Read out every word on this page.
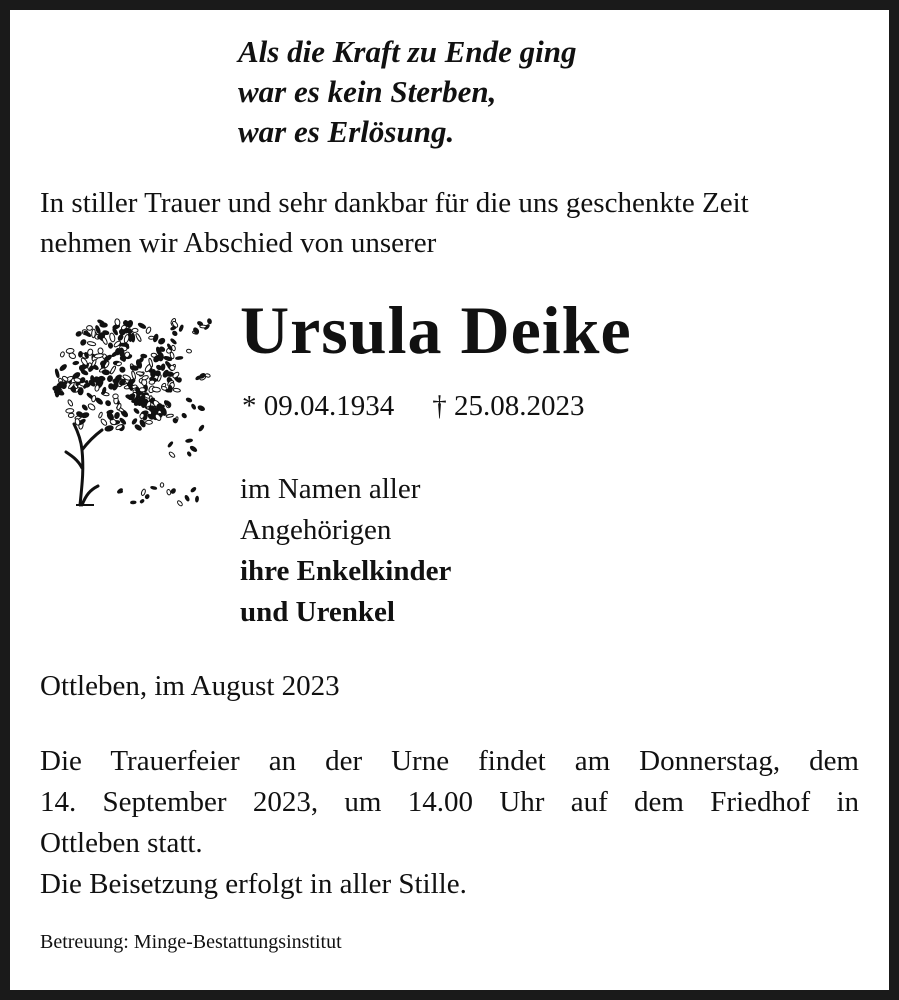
Als die Kraft zu Ende ging
war es kein Sterben,
war es Erlösung.
In stiller Trauer und sehr dankbar für die uns geschenkte Zeit
nehmen wir Abschied von unserer
Ursula Deike
* 09.04.1934 † 25.08.2023
im Namen aller
Angehörigen
ihre Enkelkinder
und Urenkel
Ottleben, im August 2023
Die Trauerfeier an der Urne findet am Donnerstag, dem
14. September 2023, um 14.00 Uhr auf dem Friedhof in
Ottleben statt.
Die Beisetzung erfolgt in aller Stille.
Betreuung: Minge-Bestattungsinstitut
